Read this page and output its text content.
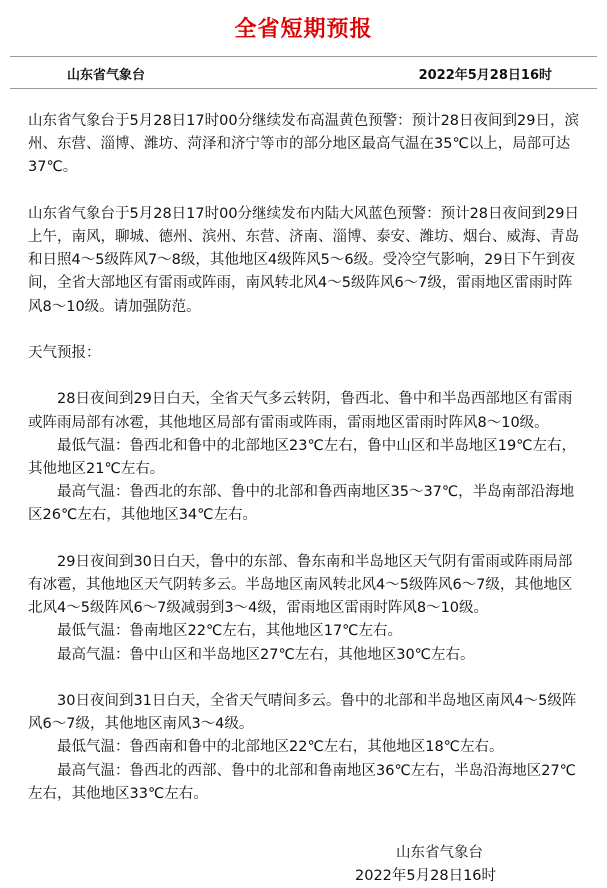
全省短期预报
山东省气象台	2022年5月28日16时

山东省气象台于5月28日17时00分继续发布高温黄色预警：预计28日夜间到29日，滨州、东营、淄博、潍坊、菏泽和济宁等市的部分地区最高气温在35℃以上，局部可达37℃。

山东省气象台于5月28日17时00分继续发布内陆大风蓝色预警：预计28日夜间到29日上午，南风，聊城、德州、滨州、东营、济南、淄博、泰安、潍坊、烟台、威海、青岛和日照4～5级阵风7～8级，其他地区4级阵风5～6级。受冷空气影响，29日下午到夜间，全省大部地区有雷雨或阵雨，南风转北风4～5级阵风6～7级，雷雨地区雷雨时阵风8～10级。请加强防范。

天气预报：

28日夜间到29日白天，全省天气多云转阴，鲁西北、鲁中和半岛西部地区有雷雨或阵雨局部有冰雹，其他地区局部有雷雨或阵雨，雷雨地区雷雨时阵风8～10级。

最低气温：鲁西北和鲁中的北部地区23℃左右，鲁中山区和半岛地区19℃左右，其他地区21℃左右。

最高气温：鲁西北的东部、鲁中的北部和鲁西南地区35～37℃，半岛南部沿海地区26℃左右，其他地区34℃左右。

29日夜间到30日白天，鲁中的东部、鲁东南和半岛地区天气阴有雷雨或阵雨局部有冰雹，其他地区天气阴转多云。半岛地区南风转北风4～5级阵风6～7级，其他地区北风4～5级阵风6～7级减弱到3～4级，雷雨地区雷雨时阵风8～10级。

最低气温：鲁南地区22℃左右，其他地区17℃左右。

最高气温：鲁中山区和半岛地区27℃左右，其他地区30℃左右。

30日夜间到31日白天，全省天气晴间多云。鲁中的北部和半岛地区南风4～5级阵风6～7级，其他地区南风3～4级。

最低气温：鲁西南和鲁中的北部地区22℃左右，其他地区18℃左右。

最高气温：鲁西北的西部、鲁中的北部和鲁南地区36℃左右，半岛沿海地区27℃左右，其他地区33℃左右。

山东省气象台
2022年5月28日16时
